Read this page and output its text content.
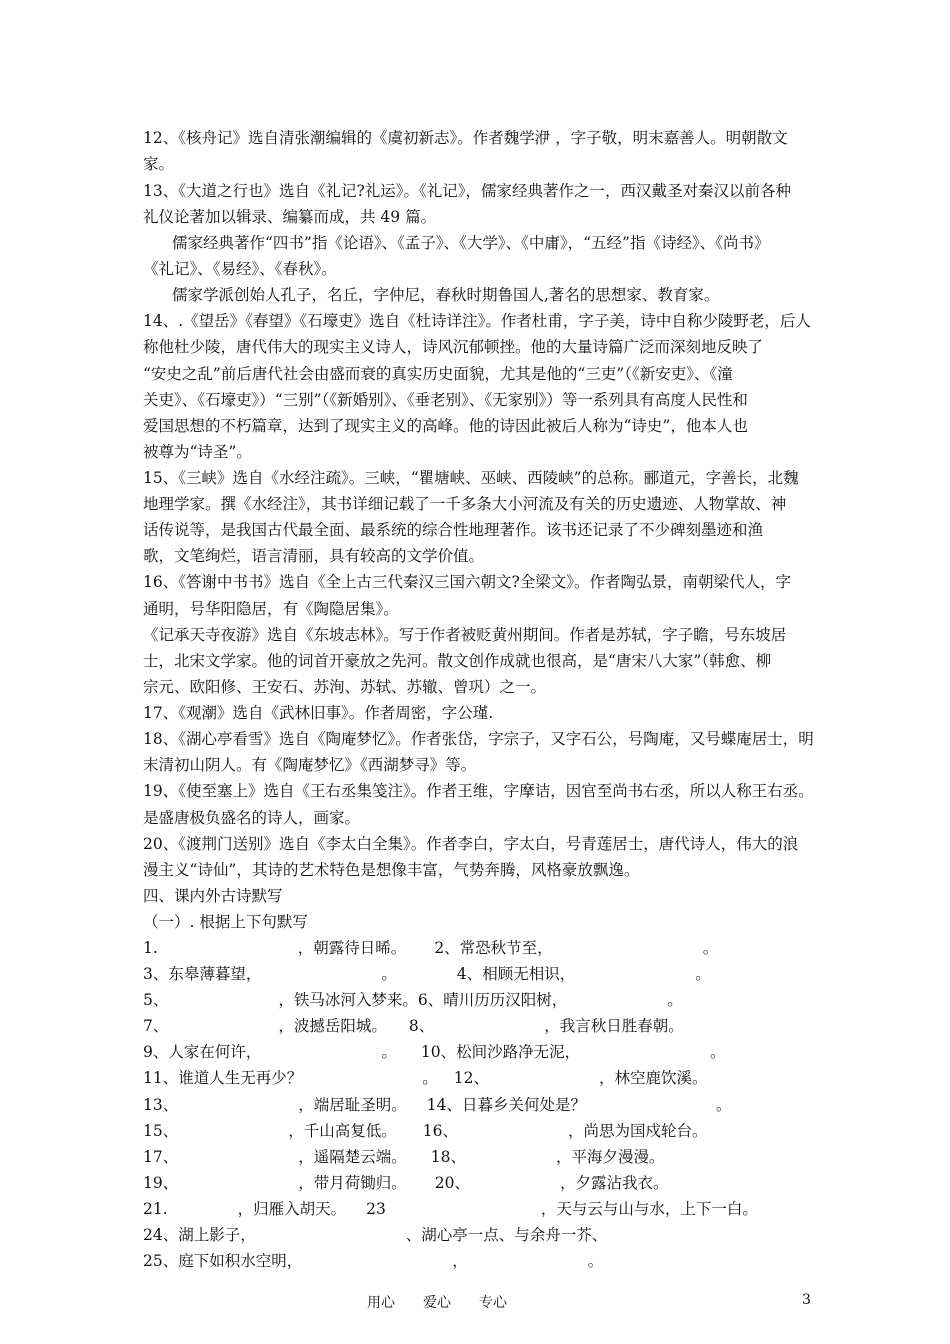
12、《核舟记》选自清张潮编辑的《虞初新志》。作者魏学洢 ，字子敬，明末嘉善人。明朝散文
家。
13、《大道之行也》选自《礼记?礼运》。《礼记》，儒家经典著作之一，西汉戴圣对秦汉以前各种
礼仪论著加以辑录、编纂而成，共 49 篇。
儒家经典著作“四书”指《论语》、《孟子》、《大学》、《中庸》，“五经”指《诗经》、《尚书》
《礼记》、《易经》、《春秋》。
儒家学派创始人孔子，名丘，字仲尼，春秋时期鲁国人,著名的思想家、教育家。
14、.《望岳》《春望》《石壕吏》选自《杜诗详注》。作者杜甫，字子美，诗中自称少陵野老，后人
称他杜少陵，唐代伟大的现实主义诗人，诗风沉郁顿挫。他的大量诗篇广泛而深刻地反映了
“安史之乱”前后唐代社会由盛而衰的真实历史面貌，尤其是他的“三吏”（《新安吏》、《潼
关吏》、《石壕吏》）“三别”（《新婚别》、《垂老别》、《无家别》）等一系列具有高度人民性和
爱国思想的不朽篇章，达到了现实主义的高峰。他的诗因此被后人称为“诗史”，他本人也
被尊为“诗圣”。
15、《三峡》选自《水经注疏》。三峡，“瞿塘峡、巫峡、西陵峡”的总称。郦道元，字善长，北魏
地理学家。撰《水经注》，其书详细记载了一千多条大小河流及有关的历史遗迹、人物掌故、神
话传说等，是我国古代最全面、最系统的综合性地理著作。该书还记录了不少碑刻墨迹和渔
歌，文笔绚烂，语言清丽，具有较高的文学价值。
16、《答谢中书书》选自《全上古三代秦汉三国六朝文?全梁文》。作者陶弘景，南朝梁代人，字
通明，号华阳隐居，有《陶隐居集》。
《记承天寺夜游》选自《东坡志林》。写于作者被贬黄州期间。作者是苏轼，字子瞻，号东坡居
士，北宋文学家。他的词首开豪放之先河。散文创作成就也很高，是“唐宋八大家”（韩愈、柳
宗元、欧阳修、王安石、苏洵、苏轼、苏辙、曾巩）之一。
17、《观潮》选自《武林旧事》。作者周密，字公瑾.
18、《湖心亭看雪》选自《陶庵梦忆》。作者张岱，字宗子，又字石公，号陶庵，又号蝶庵居士，明
末清初山阴人。有《陶庵梦忆》《西湖梦寻》等。
19、《使至塞上》选自《王右丞集笺注》。作者王维，字摩诘，因官至尚书右丞，所以人称王右丞。
是盛唐极负盛名的诗人，画家。
20、《渡荆门送别》选自《李太白全集》。作者李白，字太白，号青莲居士，唐代诗人，伟大的浪
漫主义“诗仙”，其诗的艺术特色是想像丰富，气势奔腾，风格豪放飘逸。
四、课内外古诗默写
（一）. 根据上下句默写
1.	，朝露待日晞。 2、常恐秋节至，	。
3、东皋薄暮望，	。	4、相顾无相识，	。
5、	，铁马冰河入梦来。6、晴川历历汉阳树，	。
7、	，波撼岳阳城。 8、	，我言秋日胜春朝。
9、人家在何许，	。 10、松间沙路净无泥，	。
11、谁道人生无再少？	。 12、	，林空鹿饮溪。
13、	，端居耻圣明。 14、日暮乡关何处是？	。
15、	，千山高复低。 16、	，尚思为国戍轮台。
17、	，遥隔楚云端。 18、	，平海夕漫漫。
19、	，带月荷锄归。 20、	，夕露沾我衣。
21.	，归雁入胡天。 23	，天与云与山与水，上下一白。
24、湖上影子，	、湖心亭一点、与余舟一芥、
25、庭下如积水空明，	，	。
用心　　爱心　　专心	3
